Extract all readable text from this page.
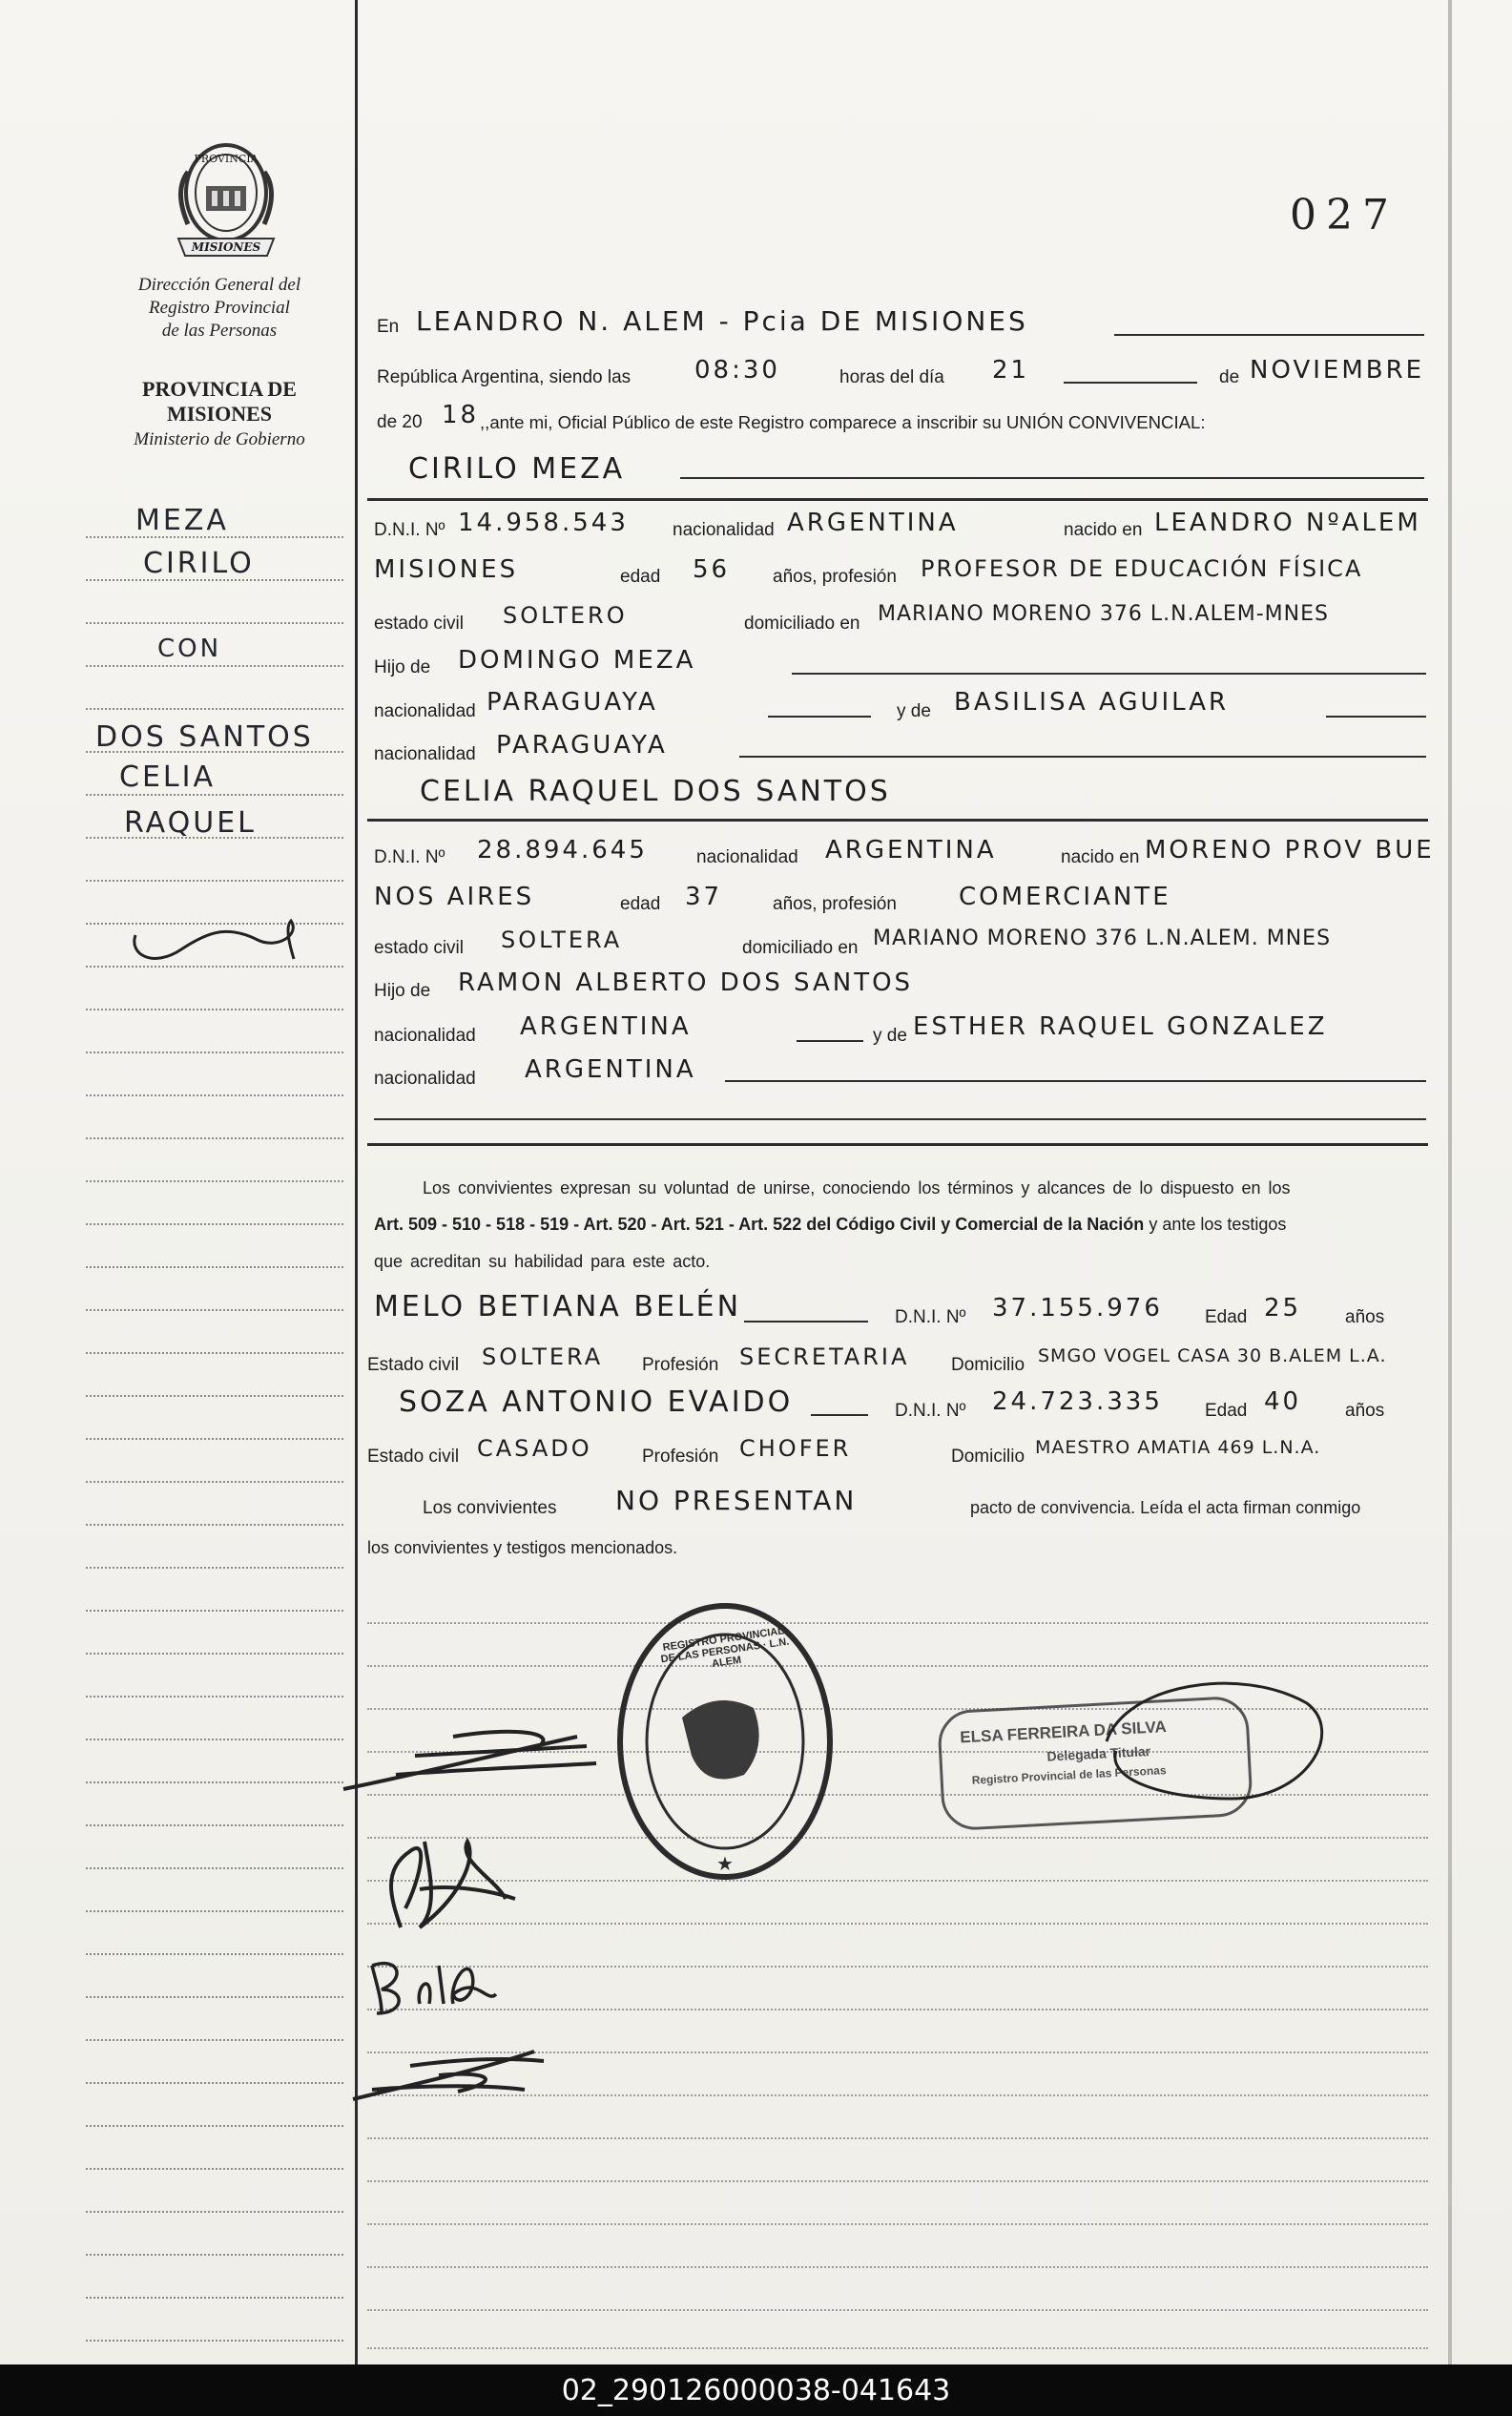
027
PROVINCIA
MISIONES
Dirección General del
Registro Provincial
de las Personas
PROVINCIA DE
MISIONES
Ministerio de Gobierno
MEZA
CIRILO
CON
DOS SANTOS
CELIA
RAQUEL
En LEANDRO N. ALEM - Pcia DE MISIONES
República Argentina, siendo las	08:30	horas del día 21	de NOVIEMBRE
de 20 18 ,,ante mi, Oficial Público de este Registro comparece a inscribir su UNIÓN CONVIVENCIAL:
CIRILO MEZA
D.N.I. Nº 14.958.543 nacionalidad ARGENTINA	nacido en LEANDRO NºALEM
MISIONES	edad 56 años, profesión PROFESOR DE EDUCACIÓN FÍSICA
estado civil SOLTERO	domiciliado en MARIANO MORENO 376 L.N.ALEM-MNES
Hijo de DOMINGO MEZA
nacionalidad PARAGUAYA	y de BASILISA AGUILAR
nacionalidad PARAGUAYA
CELIA RAQUEL DOS SANTOS
D.N.I. Nº 28.894.645	nacionalidad ARGENTINA	nacido en MORENO PROV BUE
NOS AIRES	edad 37	años, profesión	COMERCIANTE
estado civil SOLTERA	domiciliado en MARIANO MORENO 376 L.N.ALEM. MNES
Hijo de RAMON ALBERTO DOS SANTOS
nacionalidad ARGENTINA	y de ESTHER RAQUEL GONZALEZ
nacionalidad ARGENTINA
Los convivientes expresan su voluntad de unirse, conociendo los términos y alcances de lo dispuesto en los
Art. 509 - 510 - 518 - 519 - Art. 520 - Art. 521 - Art. 522 del Código Civil y Comercial de la Nación y ante los testigos
que acreditan su habilidad para este acto.
MELO BETIANA BELÉN	D.N.I. Nº 37.155.976 Edad 25 años
Estado civil SOLTERA Profesión SECRETARIA Domicilio SMGO VOGEL CASA 30 B.ALEM L.A.
SOZA ANTONIO EVAIDO	D.N.I. Nº 24.723.335 Edad 40 años
Estado civil CASADO	Profesión CHOFER	Domicilio MAESTRO AMATIA 469 L.N.A.
Los convivientes NO PRESENTAN	pacto de convivencia. Leída el acta firman conmigo
los convivientes y testigos mencionados.
★
REGISTRO PROVINCIAL DE LAS PERSONAS · L.N. ALEM
ELSA FERREIRA DA SILVA
Delegada Titular
Registro Provincial de las Personas
02_290126000038-041643
